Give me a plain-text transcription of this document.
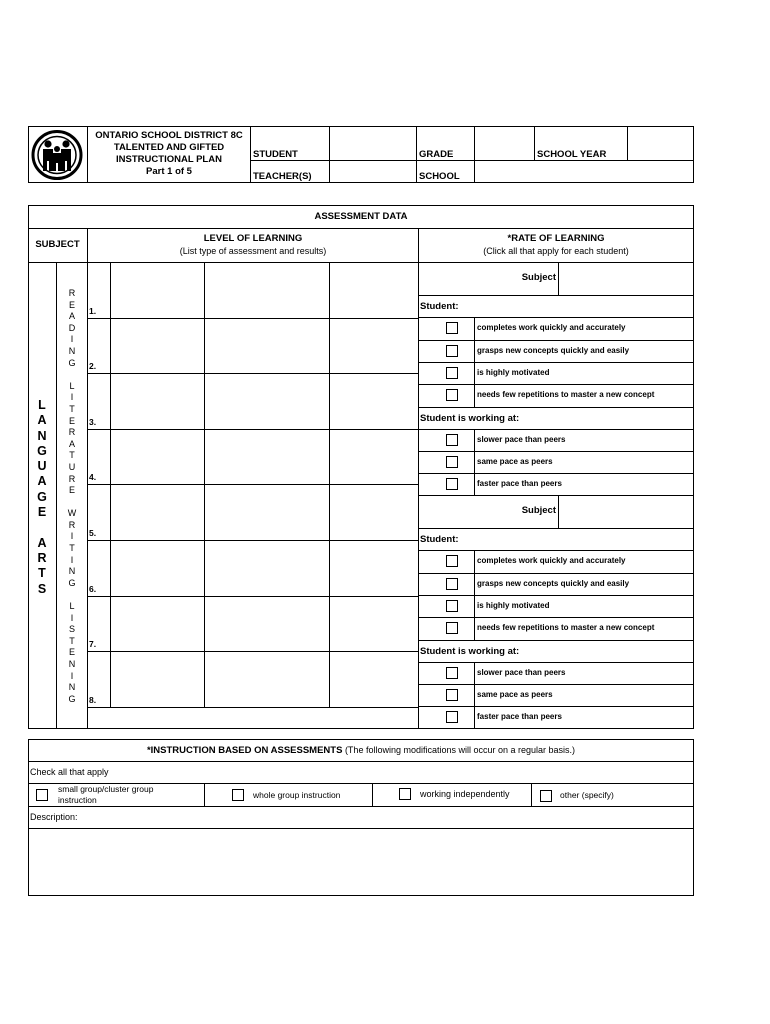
ONTARIO SCHOOL DISTRICT 8C
TALENTED AND GIFTED
INSTRUCTIONAL PLAN
Part 1 of 5
STUDENT	GRADE	SCHOOL YEAR
TEACHER(S)	SCHOOL
ASSESSMENT DATA
SUBJECT
LEVEL OF LEARNING
(List type of assessment and results)
*RATE OF LEARNING
(Click all that apply for each student)
L
A
N
G
U
A
G
E

A
R
T
S
R
E
A
D
I
N
G

L
I
T
E
R
A
T
U
R
E

W
R
I
T
I
N
G

L
I
S
T
E
N
I
N
G
1.
2.
3.
4.
5.
6.
7.
8.
Subject
Student:
completes work quickly and accurately
grasps new concepts quickly and easily
is highly motivated
needs few repetitions to master a new concept
Student is working at:
slower pace than peers
same pace as peers
faster pace than peers
Subject
Student:
completes work quickly and accurately
grasps new concepts quickly and easily
is highly motivated
needs few repetitions to master a new concept
Student is working at:
slower pace than peers
same pace as peers
faster pace than peers
*INSTRUCTION BASED ON ASSESSMENTS (The following modifications will occur on a regular basis.)
Check all that apply
small group/cluster group
instruction	whole group instruction	working independently	other (specify)
Description:
